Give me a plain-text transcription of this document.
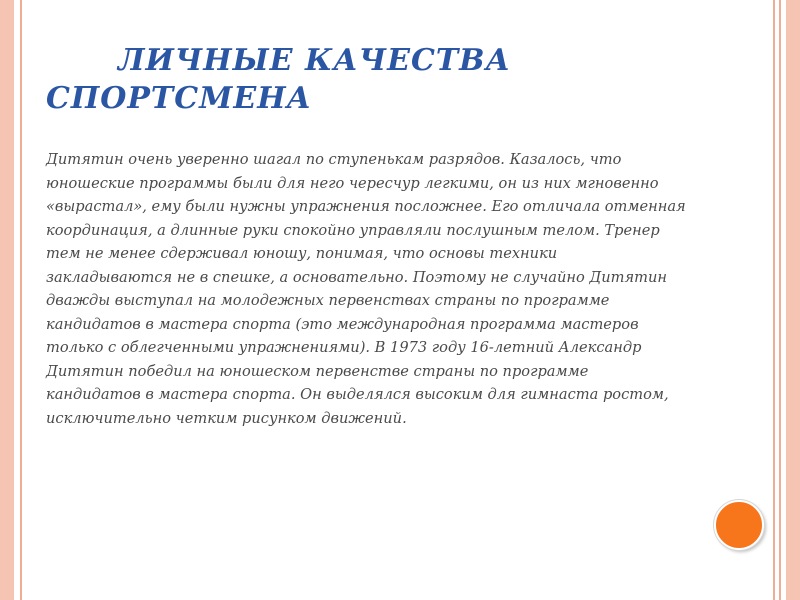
ЛИЧНЫЕ КАЧЕСТВА
СПОРТСМЕНА

Дитятин очень уверенно шагал по ступенькам разрядов. Казалось, что юношеские программы были для него чересчур легкими, он из них мгновенно «вырастал», ему были нужны упражнения посложнее. Его отличала отменная координация, а длинные руки спокойно управляли послушным телом. Тренер тем не менее сдерживал юношу, понимая, что основы техники закладываются не в спешке, а основательно. Поэтому не случайно Дитятин дважды выступал на молодежных первенствах страны по программе кандидатов в мастера спорта (это международная программа мастеров только с облегченными упражнениями). В 1973 году 16-летний Александр Дитятин победил на юношеском первенстве страны по программе кандидатов в мастера спорта. Он выделялся высоким для гимнаста ростом, исключительно четким рисунком движений.
